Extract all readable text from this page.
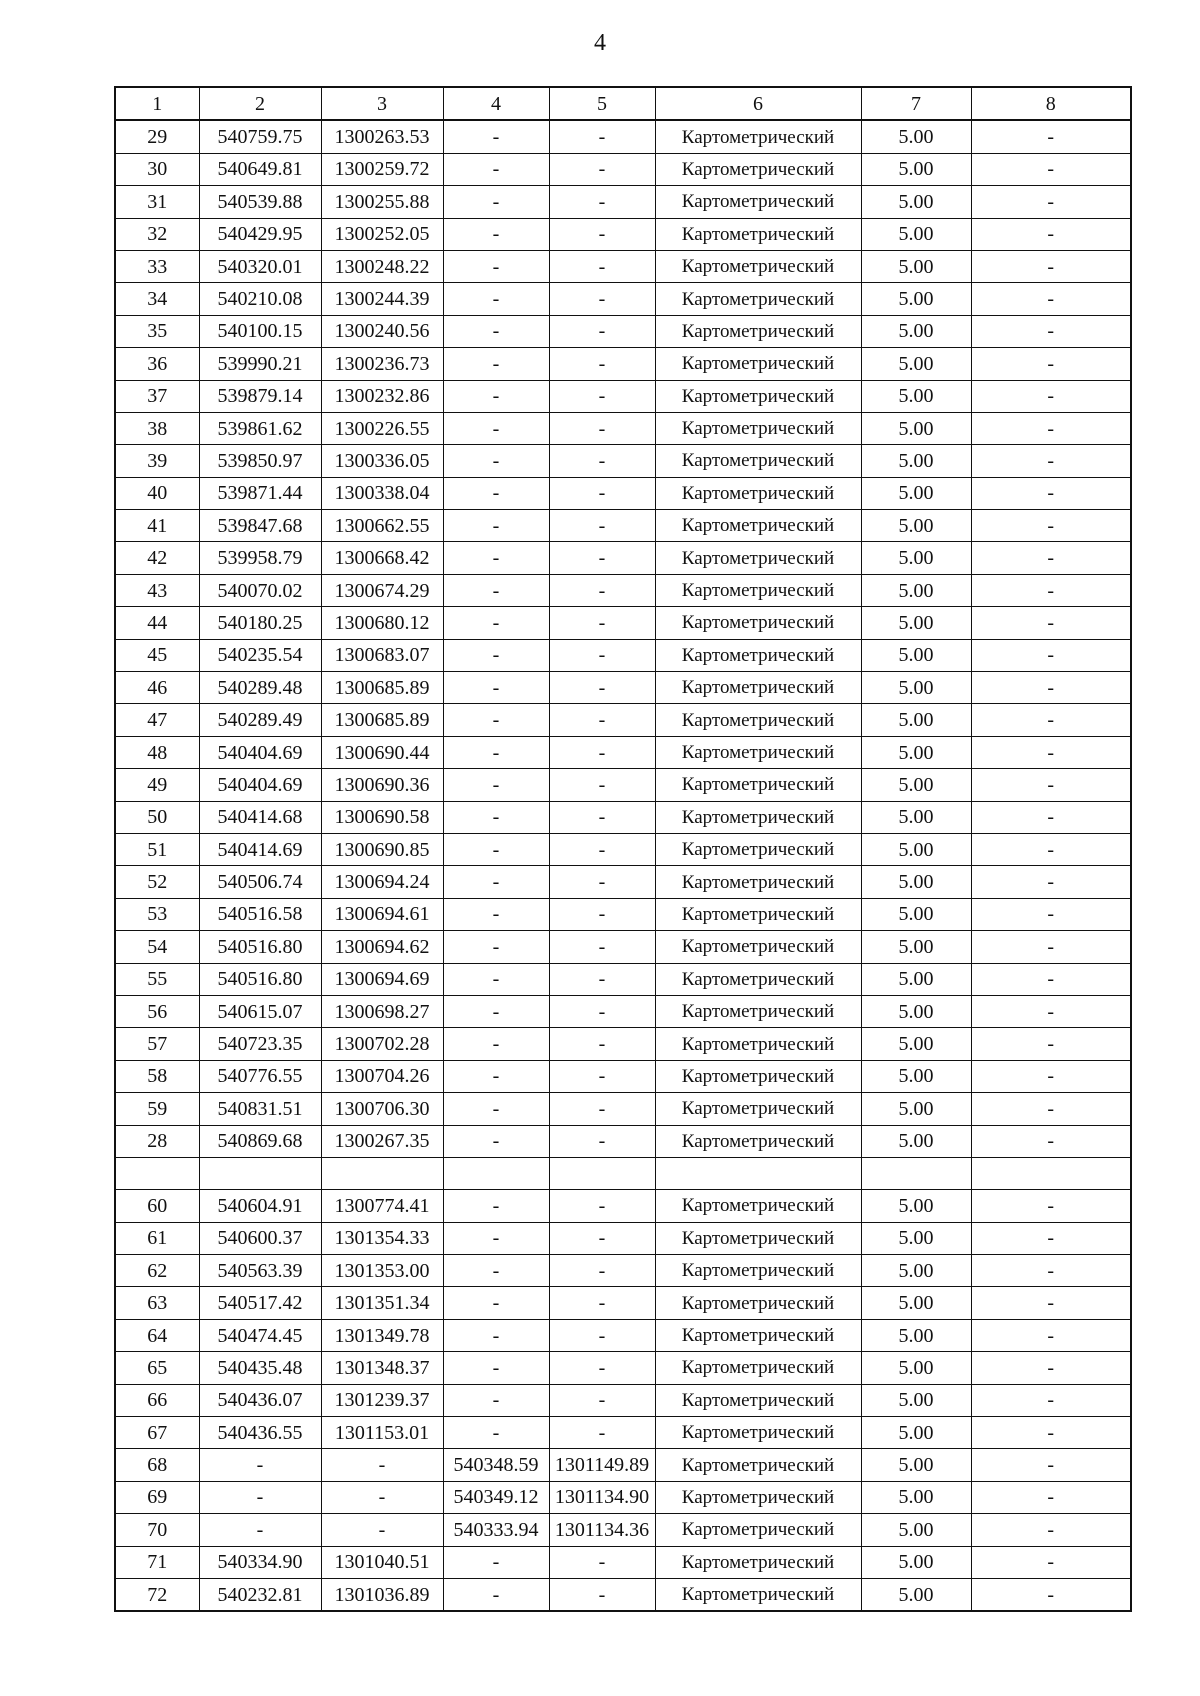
4
1	2	3	4	5	6	7	8
29	540759.75	1300263.53	-	-	Картометрический	5.00	-
30	540649.81	1300259.72	-	-	Картометрический	5.00	-
31	540539.88	1300255.88	-	-	Картометрический	5.00	-
32	540429.95	1300252.05	-	-	Картометрический	5.00	-
33	540320.01	1300248.22	-	-	Картометрический	5.00	-
34	540210.08	1300244.39	-	-	Картометрический	5.00	-
35	540100.15	1300240.56	-	-	Картометрический	5.00	-
36	539990.21	1300236.73	-	-	Картометрический	5.00	-
37	539879.14	1300232.86	-	-	Картометрический	5.00	-
38	539861.62	1300226.55	-	-	Картометрический	5.00	-
39	539850.97	1300336.05	-	-	Картометрический	5.00	-
40	539871.44	1300338.04	-	-	Картометрический	5.00	-
41	539847.68	1300662.55	-	-	Картометрический	5.00	-
42	539958.79	1300668.42	-	-	Картометрический	5.00	-
43	540070.02	1300674.29	-	-	Картометрический	5.00	-
44	540180.25	1300680.12	-	-	Картометрический	5.00	-
45	540235.54	1300683.07	-	-	Картометрический	5.00	-
46	540289.48	1300685.89	-	-	Картометрический	5.00	-
47	540289.49	1300685.89	-	-	Картометрический	5.00	-
48	540404.69	1300690.44	-	-	Картометрический	5.00	-
49	540404.69	1300690.36	-	-	Картометрический	5.00	-
50	540414.68	1300690.58	-	-	Картометрический	5.00	-
51	540414.69	1300690.85	-	-	Картометрический	5.00	-
52	540506.74	1300694.24	-	-	Картометрический	5.00	-
53	540516.58	1300694.61	-	-	Картометрический	5.00	-
54	540516.80	1300694.62	-	-	Картометрический	5.00	-
55	540516.80	1300694.69	-	-	Картометрический	5.00	-
56	540615.07	1300698.27	-	-	Картометрический	5.00	-
57	540723.35	1300702.28	-	-	Картометрический	5.00	-
58	540776.55	1300704.26	-	-	Картометрический	5.00	-
59	540831.51	1300706.30	-	-	Картометрический	5.00	-
28	540869.68	1300267.35	-	-	Картометрический	5.00	-

60	540604.91	1300774.41	-	-	Картометрический	5.00	-
61	540600.37	1301354.33	-	-	Картометрический	5.00	-
62	540563.39	1301353.00	-	-	Картометрический	5.00	-
63	540517.42	1301351.34	-	-	Картометрический	5.00	-
64	540474.45	1301349.78	-	-	Картометрический	5.00	-
65	540435.48	1301348.37	-	-	Картометрический	5.00	-
66	540436.07	1301239.37	-	-	Картометрический	5.00	-
67	540436.55	1301153.01	-	-	Картометрический	5.00	-
68	-	-	540348.59	1301149.89	Картометрический	5.00	-
69	-	-	540349.12	1301134.90	Картометрический	5.00	-
70	-	-	540333.94	1301134.36	Картометрический	5.00	-
71	540334.90	1301040.51	-	-	Картометрический	5.00	-
72	540232.81	1301036.89	-	-	Картометрический	5.00	-
